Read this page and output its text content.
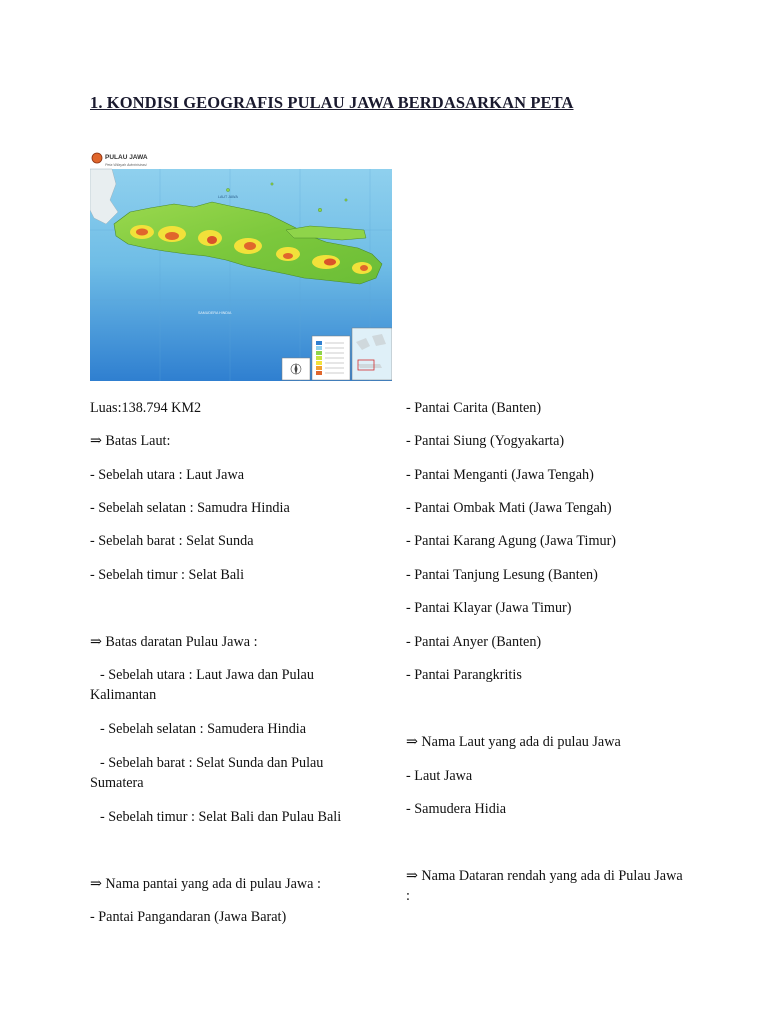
1. KONDISI GEOGRAFIS PULAU JAWA BERDASARKAN PETA
PULAU JAWA
Peta Wilayah Administrasi
LAUT JAWA
SAMUDERA HINDIA

Luas:138.794 KM2

⇒ Batas Laut:

- Sebelah utara : Laut Jawa

- Sebelah selatan : Samudra Hindia

- Sebelah barat : Selat Sunda

- Sebelah timur : Selat Bali

⇒ Batas daratan Pulau Jawa :

- Sebelah utara : Laut Jawa dan Pulau Kalimantan

- Sebelah selatan : Samudera Hindia

- Sebelah barat : Selat Sunda dan Pulau Sumatera

- Sebelah timur : Selat Bali dan Pulau Bali

⇒ Nama pantai yang ada di pulau Jawa :

- Pantai Pangandaran (Jawa Barat)

- Pantai Carita (Banten)

- Pantai Siung (Yogyakarta)

- Pantai Menganti (Jawa Tengah)

- Pantai Ombak Mati (Jawa Tengah)

- Pantai Karang Agung (Jawa Timur)

- Pantai Tanjung Lesung (Banten)

- Pantai Klayar (Jawa Timur)

- Pantai Anyer (Banten)

- Pantai Parangkritis

⇒ Nama Laut yang ada di pulau Jawa

- Laut Jawa

- Samudera Hidia

⇒ Nama Dataran rendah yang ada di Pulau Jawa :
